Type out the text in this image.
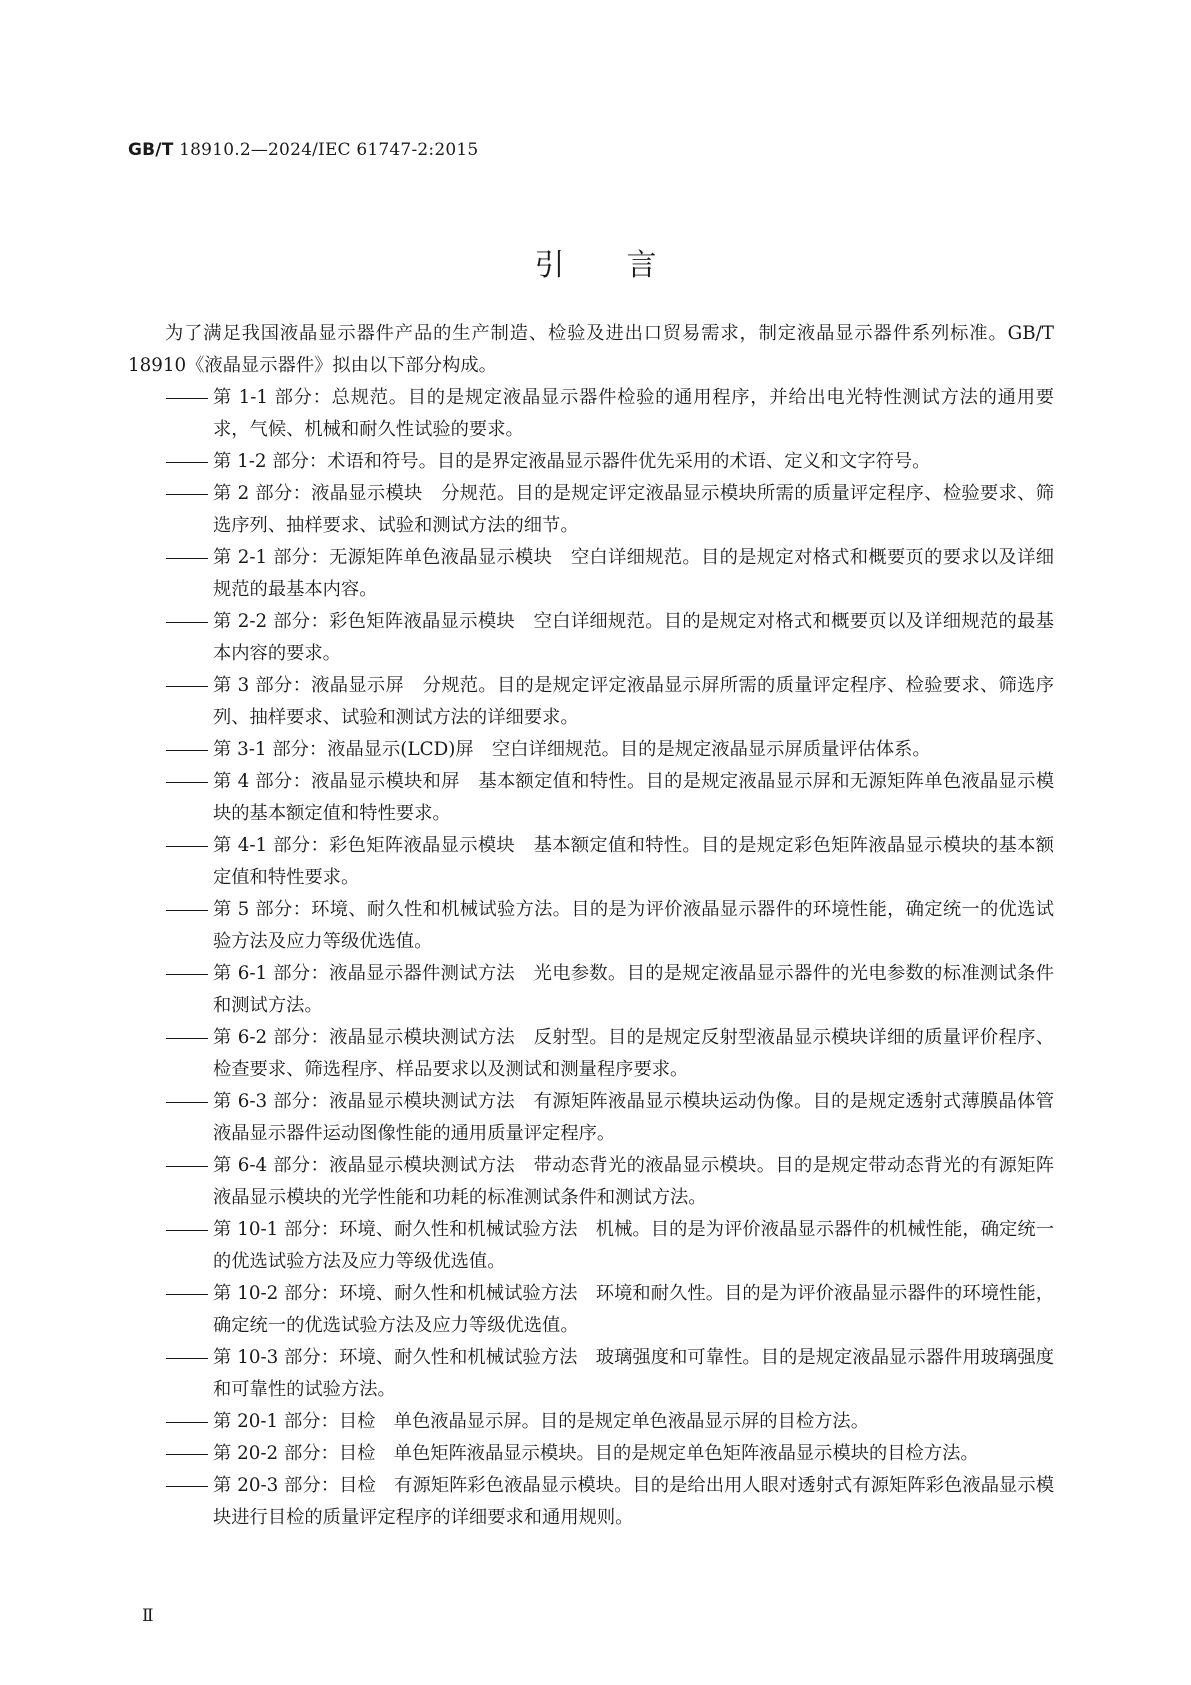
GB/T 18910.2—2024/IEC 61747-2:2015
引言

为了满足我国液晶显示器件产品的生产制造、检验及进出口贸易需求，制定液晶显示器件系列标准。GB/T 18910《液晶显示器件》拟由以下部分构成。

第 1-1 部分：总规范。目的是规定液晶显示器件检验的通用程序，并给出电光特性测试方法的通用要求，气候、机械和耐久性试验的要求。
第 1-2 部分：术语和符号。目的是界定液晶显示器件优先采用的术语、定义和文字符号。
第 2 部分：液晶显示模块　分规范。目的是规定评定液晶显示模块所需的质量评定程序、检验要求、筛选序列、抽样要求、试验和测试方法的细节。
第 2-1 部分：无源矩阵单色液晶显示模块　空白详细规范。目的是规定对格式和概要页的要求以及详细规范的最基本内容。
第 2-2 部分：彩色矩阵液晶显示模块　空白详细规范。目的是规定对格式和概要页以及详细规范的最基本内容的要求。
第 3 部分：液晶显示屏　分规范。目的是规定评定液晶显示屏所需的质量评定程序、检验要求、筛选序列、抽样要求、试验和测试方法的详细要求。
第 3-1 部分：液晶显示(LCD)屏　空白详细规范。目的是规定液晶显示屏质量评估体系。
第 4 部分：液晶显示模块和屏　基本额定值和特性。目的是规定液晶显示屏和无源矩阵单色液晶显示模块的基本额定值和特性要求。
第 4-1 部分：彩色矩阵液晶显示模块　基本额定值和特性。目的是规定彩色矩阵液晶显示模块的基本额定值和特性要求。
第 5 部分：环境、耐久性和机械试验方法。目的是为评价液晶显示器件的环境性能，确定统一的优选试验方法及应力等级优选值。
第 6-1 部分：液晶显示器件测试方法　光电参数。目的是规定液晶显示器件的光电参数的标准测试条件和测试方法。
第 6-2 部分：液晶显示模块测试方法　反射型。目的是规定反射型液晶显示模块详细的质量评价程序、检查要求、筛选程序、样品要求以及测试和测量程序要求。
第 6-3 部分：液晶显示模块测试方法　有源矩阵液晶显示模块运动伪像。目的是规定透射式薄膜晶体管液晶显示器件运动图像性能的通用质量评定程序。
第 6-4 部分：液晶显示模块测试方法　带动态背光的液晶显示模块。目的是规定带动态背光的有源矩阵液晶显示模块的光学性能和功耗的标准测试条件和测试方法。
第 10-1 部分：环境、耐久性和机械试验方法　机械。目的是为评价液晶显示器件的机械性能，确定统一的优选试验方法及应力等级优选值。
第 10-2 部分：环境、耐久性和机械试验方法　环境和耐久性。目的是为评价液晶显示器件的环境性能，确定统一的优选试验方法及应力等级优选值。
第 10-3 部分：环境、耐久性和机械试验方法　玻璃强度和可靠性。目的是规定液晶显示器件用玻璃强度和可靠性的试验方法。
第 20-1 部分：目检　单色液晶显示屏。目的是规定单色液晶显示屏的目检方法。
第 20-2 部分：目检　单色矩阵液晶显示模块。目的是规定单色矩阵液晶显示模块的目检方法。
第 20-3 部分：目检　有源矩阵彩色液晶显示模块。目的是给出用人眼对透射式有源矩阵彩色液晶显示模块进行目检的质量评定程序的详细要求和通用规则。
Ⅱ
